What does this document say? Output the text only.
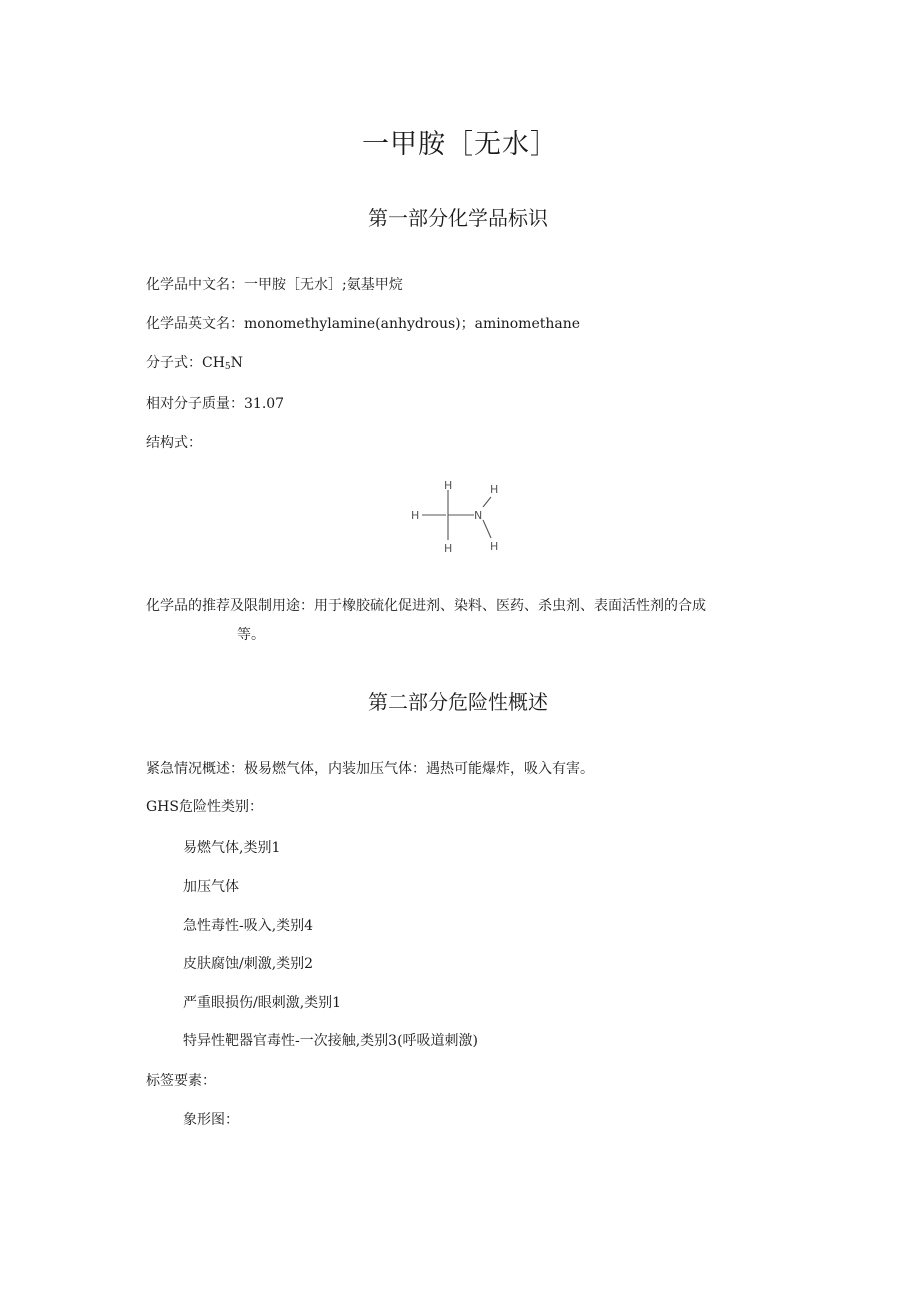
一甲胺［无水］
第一部分化学品标识
化学品中文名：一甲胺［无水］;氨基甲烷
化学品英文名：monomethylamine(anhydrous)；aminomethane
分子式：$CH_5N$
相对分子质量：31.07
结构式：
H
H
H
N
H
H
化学品的推荐及限制用途：用于橡胶硫化促进剂、染料、医药、杀虫剂、表面活性剂的合成
等。
第二部分危险性概述
紧急情况概述：极易燃气体，内装加压气体：遇热可能爆炸，吸入有害。
GHS危险性类别：
易燃气体,类别1
加压气体
急性毒性-吸入,类别4
皮肤腐蚀/刺激,类别2
严重眼损伤/眼刺激,类别1
特异性靶器官毒性-一次接触,类别3(呼吸道刺激)
标签要素：
象形图：
